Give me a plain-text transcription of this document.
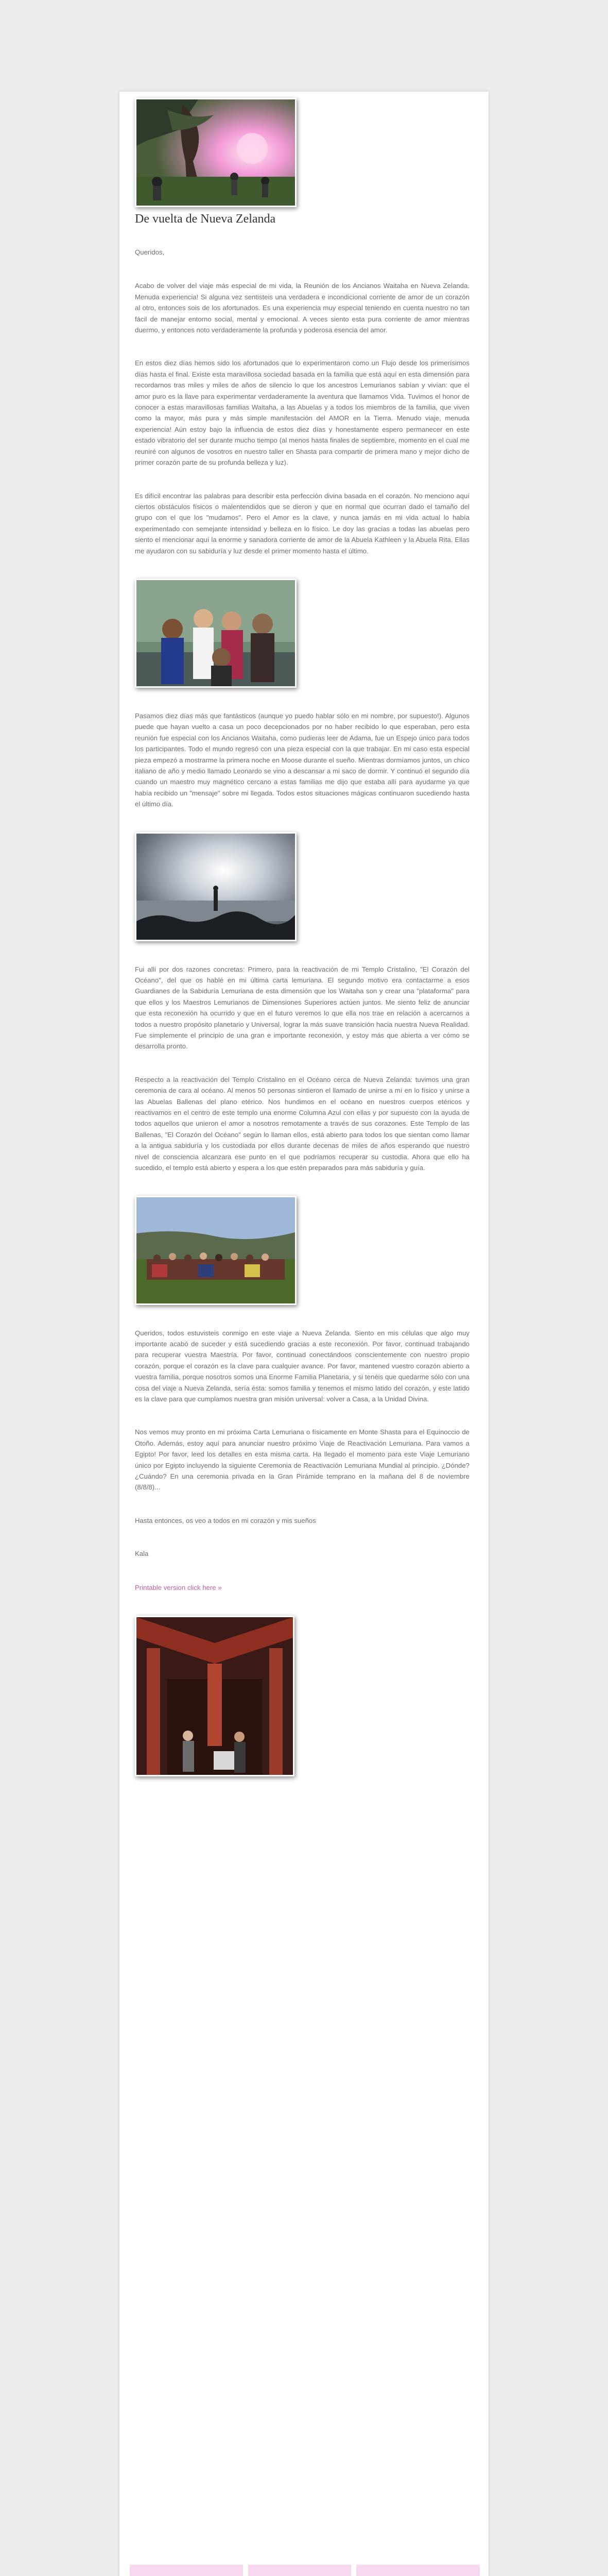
De vuelta de Nueva Zelanda

Queridos,

Acabo de volver del viaje más especial de mi vida, la Reunión de los Ancianos Waitaha en Nueva Zelanda. Menuda experiencia! Si alguna vez sentisteis una verdadera e incondicional corriente de amor de un corazón al otro, entonces sois de los afortunados. Es una experiencia muy especial teniendo en cuenta nuestro no tan fácil de manejar entorno social, mental y emocional. A veces siento esta pura corriente de amor mientras duermo, y entonces noto verdaderamente la profunda y poderosa esencia del amor.

En estos diez días hemos sido los afortunados que lo experimentaron como un Flujo desde los primerísimos días hasta el final. Existe esta maravillosa sociedad basada en la familia que está aquí en esta dimensión para recordarnos tras miles y miles de años de silencio lo que los ancestros Lemurianos sabían y vivían: que el amor puro es la llave para experimentar verdaderamente la aventura que llamamos Vida. Tuvimos el honor de conocer a estas maravillosas familias Waitaha, a las Abuelas y a todos los miembros de la familia, que viven como la mayor, más pura y más simple manifestación del AMOR en la Tierra. Menudo viaje, menuda experiencia! Aún estoy bajo la influencia de estos diez días y honestamente espero permanecer en este estado vibratorio del ser durante mucho tiempo (al menos hasta finales de septiembre, momento en el cual me reuniré con algunos de vosotros en nuestro taller en Shasta para compartir de primera mano y mejor dicho de primer corazón parte de su profunda belleza y luz).

Es difícil encontrar las palabras para describir esta perfección divina basada en el corazón. No menciono aquí ciertos obstáculos físicos o malentendidos que se dieron y que en normal que ocurran dado el tamaño del grupo con el que los "mudamos". Pero el Amor es la clave, y nunca jamás en mi vida actual lo había experimentado con semejante intensidad y belleza en lo físico. Le doy las gracias a todas las abuelas pero siento el mencionar aquí la enorme y sanadora corriente de amor de la Abuela Kathleen y la Abuela Rita. Ellas me ayudaron con su sabiduría y luz desde el primer momento hasta el último.

Pasamos diez días más que fantásticos (aunque yo puedo hablar sólo en mi nombre, por supuesto!). Algunos puede que hayan vuelto a casa un poco decepcionados por no haber recibido lo que esperaban, pero esta reunión fue especial con los Ancianos Waitaha, como pudieras leer de Adama, fue un Espejo único para todos los participantes. Todo el mundo regresó con una pieza especial con la que trabajar. En mi caso esta especial pieza empezó a mostrarme la primera noche en Moose durante el sueño. Mientras dormíamos juntos, un chico italiano de año y medio llamado Leonardo se vino a descansar a mi saco de dormir. Y continuó el segundo día cuando un maestro muy magnético cercano a estas familias me dijo que estaba allí para ayudarme ya que había recibido un "mensaje" sobre mi llegada. Todos estos situaciones mágicas continuaron sucediendo hasta el último día.

Fui allí por dos razones concretas: Primero, para la reactivación de mi Templo Cristalino, "El Corazón del Océano", del que os hablé en mi última carta lemuriana. El segundo motivo era contactarme a esos Guardianes de la Sabiduría Lemuriana de esta dimensión que los Waitaha son y crear una "plataforma" para que ellos y los Maestros Lemurianos de Dimensiones Superiores actúen juntos. Me siento feliz de anunciar que esta reconexión ha ocurrido y que en el futuro veremos lo que ella nos trae en relación a acercarnos a todos a nuestro propósito planetario y Universal, lograr la más suave transición hacia nuestra Nueva Realidad. Fue simplemente el principio de una gran e importante reconexión, y estoy más que abierta a ver cómo se desarrolla pronto.

Respecto a la reactivación del Templo Cristalino en el Océano cerca de Nueva Zelanda: tuvimos una gran ceremonia de cara al océano. Al menos 50 personas sintieron el llamado de unirse a mí en lo físico y unirse a las Abuelas Ballenas del plano etérico. Nos hundimos en el océano en nuestros cuerpos etéricos y reactivamos en el centro de este templo una enorme Columna Azul con ellas y por supuesto con la ayuda de todos aquellos que unieron el amor a nosotros remotamente a través de sus corazones. Este Templo de las Ballenas, "El Corazón del Océano" según lo llaman ellos, está abierto para todos los que sientan como llamar a la antigua sabiduría y los custodiada por ellos durante decenas de miles de años esperando que nuestro nivel de consciencia alcanzara ese punto en el que podríamos recuperar su custodia. Ahora que ello ha sucedido, el templo está abierto y espera a los que estén preparados para más sabiduría y guía.

Queridos, todos estuvisteis conmigo en este viaje a Nueva Zelanda. Siento en mis células que algo muy importante acabó de suceder y está sucediendo gracias a este reconexión. Por favor, continuad trabajando para recuperar vuestra Maestría. Por favor, continuad conectándoos conscientemente con nuestro propio corazón, porque el corazón es la clave para cualquier avance. Por favor, mantened vuestro corazón abierto a vuestra familia, porque nosotros somos una Enorme Familia Planetaria, y si tenéis que quedarme sólo con una cosa del viaje a Nueva Zelanda, sería ésta: somos familia y tenemos el mismo latido del corazón, y este latido es la clave para que cumplamos nuestra gran misión universal: volver a Casa, a la Unidad Divina.

Nos vemos muy pronto en mi próxima Carta Lemuriana o físicamente en Monte Shasta para el Equinoccio de Otoño. Además, estoy aquí para anunciar nuestro próximo Viaje de Reactivación Lemuriana. Para vamos a Egipto! Por favor, leed los detalles en esta misma carta. Ha llegado el momento para este Viaje Lemuriano único por Egipto incluyendo la siguiente Ceremonia de Reactivación Lemuriana Mundial al principio. ¿Dónde? ¿Cuándo? En una ceremonia privada en la Gran Pirámide temprano en la mañana del 8 de noviembre (8/8/8)...

Hasta entonces, os veo a todos en mi corazón y mis sueños

Kala

Printable version click here »
